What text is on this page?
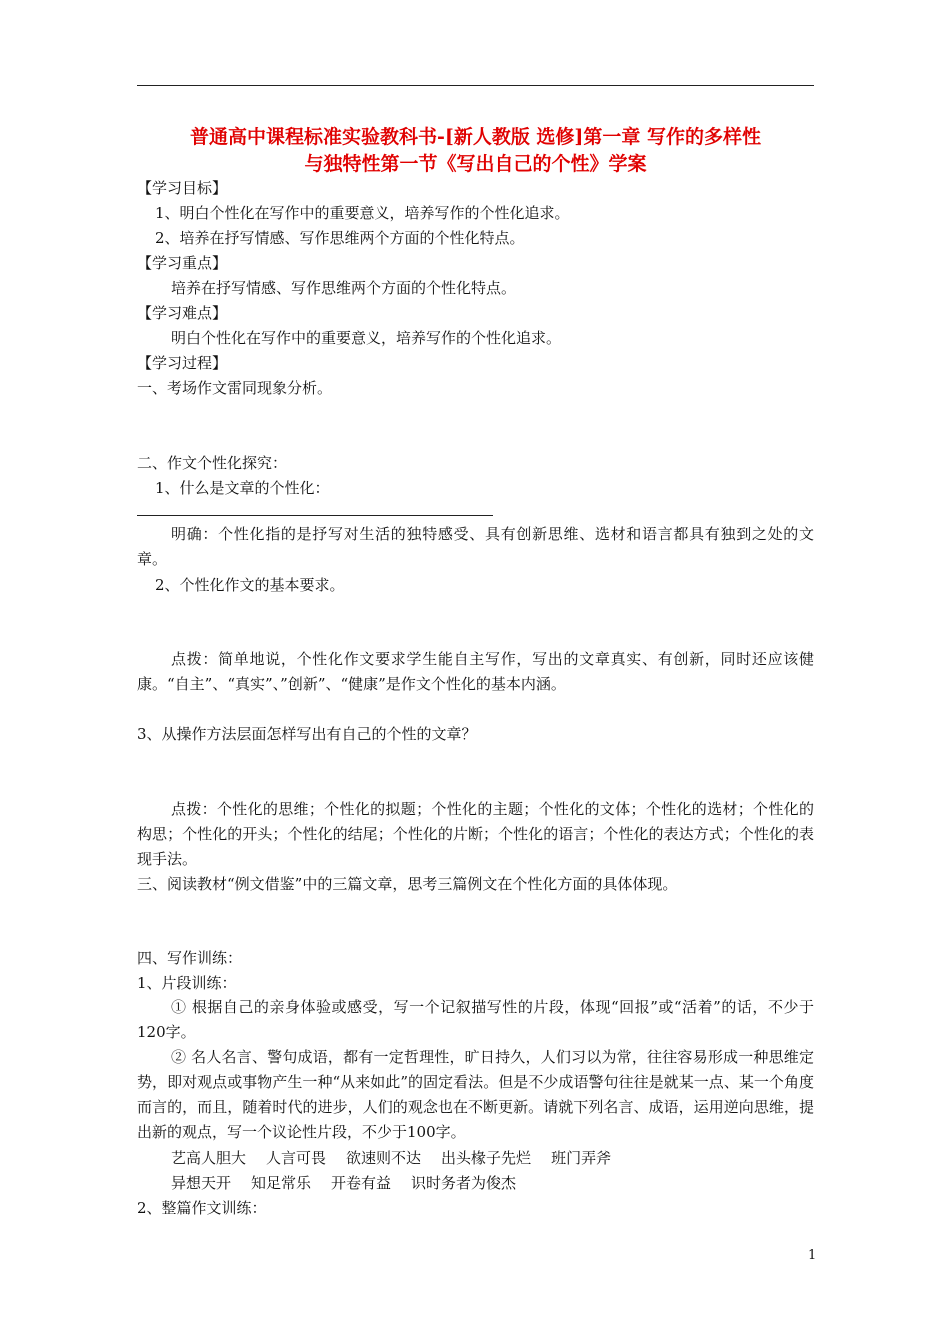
普通高中课程标准实验教科书-[新人教版 选修]第一章 写作的多样性
与独特性第一节《写出自己的个性》学案
【学习目标】
1、明白个性化在写作中的重要意义，培养写作的个性化追求。
2、培养在抒写情感、写作思维两个方面的个性化特点。
【学习重点】
培养在抒写情感、写作思维两个方面的个性化特点。
【学习难点】
明白个性化在写作中的重要意义，培养写作的个性化追求。
【学习过程】
一、考场作文雷同现象分析。
二、作文个性化探究：
1、什么是文章的个性化：
明确：个性化指的是抒写对生活的独特感受、具有创新思维、选材和语言都具有独到之处的文章。
2、个性化作文的基本要求。
点拨：简单地说，个性化作文要求学生能自主写作，写出的文章真实、有创新，同时还应该健康。“自主”、“真实”、”创新”、“健康”是作文个性化的基本内涵。
3、从操作方法层面怎样写出有自己的个性的文章？
点拨：个性化的思维；个性化的拟题；个性化的主题；个性化的文体；个性化的选材；个性化的构思；个性化的开头；个性化的结尾；个性化的片断；个性化的语言；个性化的表达方式；个性化的表现手法。
三、阅读教材“例文借鉴”中的三篇文章，思考三篇例文在个性化方面的具体体现。
四、写作训练：
1、片段训练：
① 根据自己的亲身体验或感受，写一个记叙描写性的片段，体现“回报”或“活着”的话，不少于120字。
② 名人名言、警句成语，都有一定哲理性，旷日持久，人们习以为常，往往容易形成一种思维定势，即对观点或事物产生一种“从来如此”的固定看法。但是不少成语警句往往是就某一点、某一个角度而言的，而且，随着时代的进步，人们的观念也在不断更新。请就下列名言、成语，运用逆向思维，提出新的观点，写一个议论性片段，不少于100字。
艺高人胆大 人言可畏 欲速则不达 出头椽子先烂 班门弄斧
异想天开 知足常乐 开卷有益 识时务者为俊杰
2、整篇作文训练：
1
